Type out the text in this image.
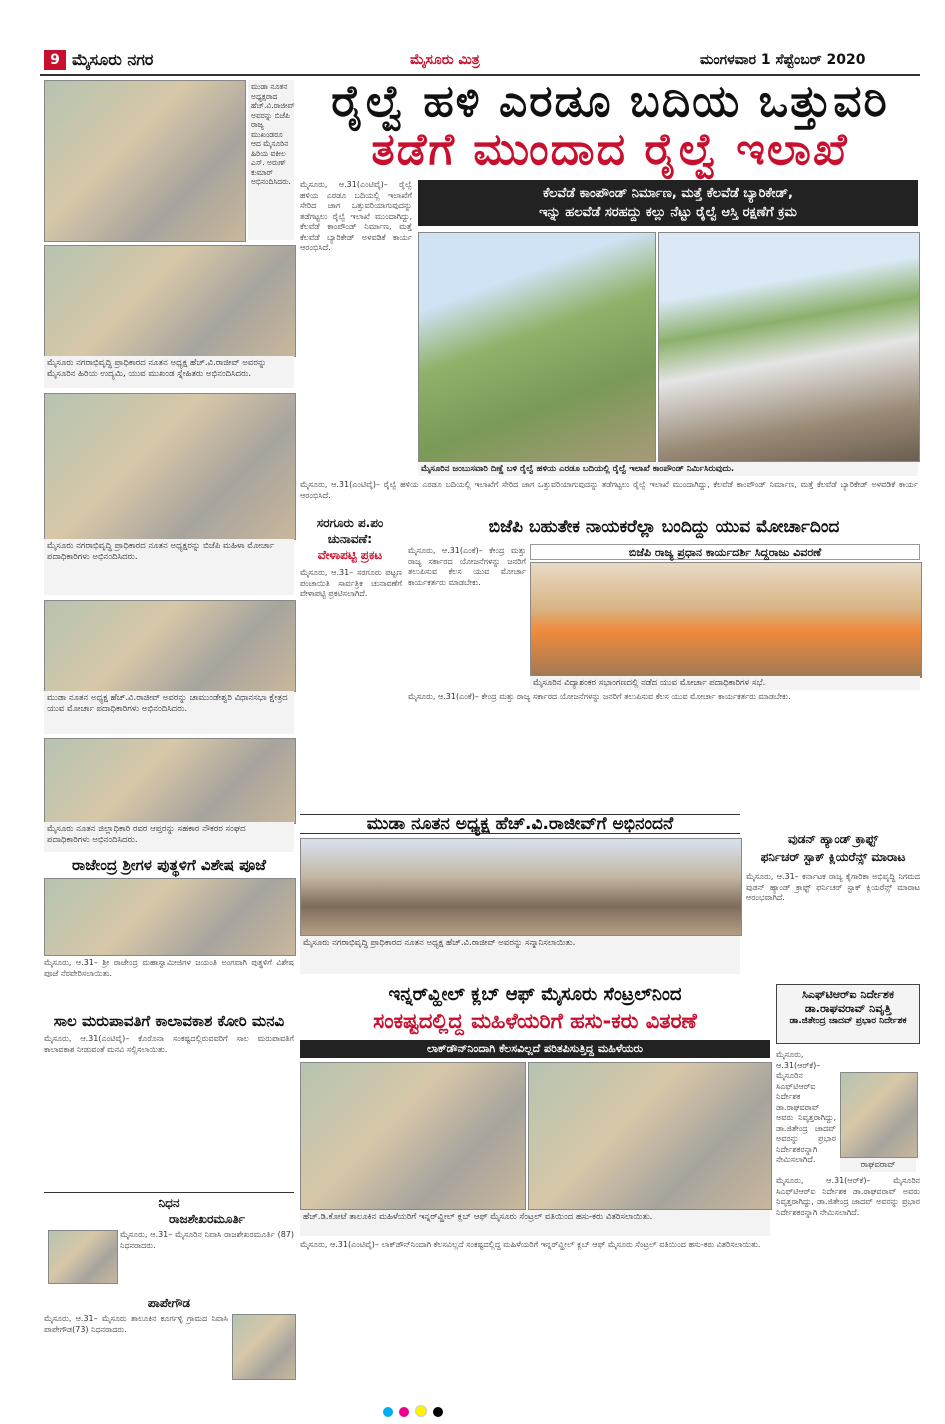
9 ಮೈಸೂರು ನಗರ	ಮೈಸೂರು ಮಿತ್ರ	ಮಂಗಳವಾರ 1 ಸೆಪ್ಟೆಂಬರ್ 2020
ಮುಡಾ ನೂತನ ಅಧ್ಯಕ್ಷರಾದ ಹೆಚ್.ವಿ.ರಾಜೀವ್ ಅವರನ್ನು ಬಿಜೆಪಿ ರಾಜ್ಯ ಮುಖಂಡರೂ ಆದ ಮೈಸೂರಿನ ಹಿರಿಯ ವಕೀಲ ಎಸ್. ಅರುಣ್ ಕುಮಾರ್ ಅಭಿನಂದಿಸಿದರು.
ಮೈಸೂರು ನಗರಾಭಿವೃದ್ಧಿ ಪ್ರಾಧಿಕಾರದ ನೂತನ ಅಧ್ಯಕ್ಷ ಹೆಚ್.ವಿ.ರಾಜೀವ್ ಅವರನ್ನು ಮೈಸೂರಿನ ಹಿರಿಯ ಉದ್ಯಮಿ, ಯುವ ಮುಖಂಡ ಸ್ನೇಹಿತರು ಅಭಿನಂದಿಸಿದರು.
ಮೈಸೂರು ನಗರಾಭಿವೃದ್ಧಿ ಪ್ರಾಧಿಕಾರದ ನೂತನ ಅಧ್ಯಕ್ಷರನ್ನು ಬಿಜೆಪಿ ಮಹಿಳಾ ಮೋರ್ಚಾ ಪದಾಧಿಕಾರಿಗಳು ಅಭಿನಂದಿಸಿದರು.
ಮುಡಾ ನೂತನ ಅಧ್ಯಕ್ಷ ಹೆಚ್.ವಿ.ರಾಜೀವ್ ಅವರನ್ನು ಚಾಮುಂಡೇಶ್ವರಿ ವಿಧಾನಸಭಾ ಕ್ಷೇತ್ರದ ಯುವ ಮೋರ್ಚಾ ಪದಾಧಿಕಾರಿಗಳು ಅಭಿನಂದಿಸಿದರು.
ಮೈಸೂರು ನೂತನ ಜಿಲ್ಲಾಧಿಕಾರಿ ರವರ ಆಪ್ತರನ್ನು ಸಹಕಾರ ನೌಕರರ ಸಂಘದ ಪದಾಧಿಕಾರಿಗಳು ಅಭಿನಂದಿಸಿದರು.
ರಾಜೇಂದ್ರ ಶ್ರೀಗಳ ಪುತ್ಥಳಿಗೆ ವಿಶೇಷ ಪೂಜೆ
ಮೈಸೂರು, ಆ.31– ಶ್ರೀ ರಾಜೇಂದ್ರ ಮಹಾಸ್ವಾಮೀಜಿಗಳ ಜಯಂತಿ ಅಂಗವಾಗಿ ಪುತ್ಥಳಿಗೆ ವಿಶೇಷ ಪೂಜೆ ನೆರವೇರಿಸಲಾಯಿತು.
ಸಾಲ ಮರುಪಾವತಿಗೆ ಕಾಲಾವಕಾಶ ಕೋರಿ ಮನವಿ
ಮೈಸೂರು, ಆ.31(ಎಂಟಿವೈ)– ಕೊರೊನಾ ಸಂಕಷ್ಟದಲ್ಲಿರುವವರಿಗೆ ಸಾಲ ಮರುಪಾವತಿಗೆ ಕಾಲಾವಕಾಶ ನೀಡುವಂತೆ ಮನವಿ ಸಲ್ಲಿಸಲಾಯಿತು.
ನಿಧನ
ರಾಜಶೇಖರಮೂರ್ತಿ
ಮೈಸೂರು, ಆ.31– ಮೈಸೂರಿನ ನಿವಾಸಿ ರಾಜಶೇಖರಮೂರ್ತಿ (87) ನಿಧನರಾದರು.
ಪಾಪೇಗೌಡ
ಮೈಸೂರು, ಆ.31– ಮೈಸೂರು ತಾಲೂಕಿನ ಕೂರ್ಗಳ್ಳಿ ಗ್ರಾಮದ ನಿವಾಸಿ ಪಾಪೇಗೌಡ(73) ನಿಧನರಾದರು.
ರೈಲ್ವೆ ಹಳಿ ಎರಡೂ ಬದಿಯ ಒತ್ತುವರಿ
ತಡೆಗೆ ಮುಂದಾದ ರೈಲ್ವೆ ಇಲಾಖೆ
ಮೈಸೂರು, ಆ.31(ಎಂಟಿವೈ)– ರೈಲ್ವೆ ಹಳಿಯ ಎರಡೂ ಬದಿಯಲ್ಲಿ ಇಲಾಖೆಗೆ ಸೇರಿದ ಜಾಗ ಒತ್ತುವರಿಯಾಗುವುದನ್ನು ತಡೆಗಟ್ಟಲು ರೈಲ್ವೆ ಇಲಾಖೆ ಮುಂದಾಗಿದ್ದು, ಕೆಲವೆಡೆ ಕಾಂಪೌಂಡ್ ನಿರ್ಮಾಣ, ಮತ್ತೆ ಕೆಲವೆಡೆ ಬ್ಯಾರಿಕೇಡ್ ಅಳವಡಿಕೆ ಕಾರ್ಯ ಆರಂಭಿಸಿದೆ.
ಕೆಲವೆಡೆ ಕಾಂಪೌಂಡ್ ನಿರ್ಮಾಣ, ಮತ್ತೆ ಕೆಲವೆಡೆ ಬ್ಯಾರಿಕೇಡ್,
ಇನ್ನು ಹಲವೆಡೆ ಸರಹದ್ದು ಕಲ್ಲು ನೆಟ್ಟು ರೈಲ್ವೆ ಆಸ್ತಿ ರಕ್ಷಣೆಗೆ ಕ್ರಮ
ಮೈಸೂರಿನ ಜಂಬುಸವಾರಿ ದಿಣ್ಣೆ ಬಳಿ ರೈಲ್ವೆ ಹಳಿಯ ಎರಡೂ ಬದಿಯಲ್ಲಿ ರೈಲ್ವೆ ಇಲಾಖೆ ಕಾಂಪೌಂಡ್ ನಿರ್ಮಿಸಿರುವುದು.
ಮೈಸೂರು, ಆ.31(ಎಂಟಿವೈ)– ರೈಲ್ವೆ ಹಳಿಯ ಎರಡೂ ಬದಿಯಲ್ಲಿ ಇಲಾಖೆಗೆ ಸೇರಿದ ಜಾಗ ಒತ್ತುವರಿಯಾಗುವುದನ್ನು ತಡೆಗಟ್ಟಲು ರೈಲ್ವೆ ಇಲಾಖೆ ಮುಂದಾಗಿದ್ದು, ಕೆಲವೆಡೆ ಕಾಂಪೌಂಡ್ ನಿರ್ಮಾಣ, ಮತ್ತೆ ಕೆಲವೆಡೆ ಬ್ಯಾರಿಕೇಡ್ ಅಳವಡಿಕೆ ಕಾರ್ಯ ಆರಂಭಿಸಿದೆ.
ಸರಗೂರು ಪ.ಪಂ
ಚುನಾವಣೆ:
ವೇಳಾಪಟ್ಟಿ ಪ್ರಕಟ
ಮೈಸೂರು, ಆ.31– ಸರಗೂರು ಪಟ್ಟಣ ಪಂಚಾಯಿತಿ ಸಾರ್ವತ್ರಿಕ ಚುನಾವಣೆಗೆ ವೇಳಾಪಟ್ಟಿ ಪ್ರಕಟಿಸಲಾಗಿದೆ.
ಬಿಜೆಪಿ ಬಹುತೇಕ ನಾಯಕರೆಲ್ಲಾ ಬಂದಿದ್ದು ಯುವ ಮೋರ್ಚಾದಿಂದ
ಬಿಜೆಪಿ ರಾಜ್ಯ ಪ್ರಧಾನ ಕಾರ್ಯದರ್ಶಿ ಸಿದ್ದರಾಜು ವಿವರಣೆ
ಮೈಸೂರು, ಆ.31(ಎಂಕೆ)– ಕೇಂದ್ರ ಮತ್ತು ರಾಜ್ಯ ಸರ್ಕಾರದ ಯೋಜನೆಗಳನ್ನು ಜನರಿಗೆ ತಲುಪಿಸುವ ಕೆಲಸ ಯುವ ಮೋರ್ಚಾ ಕಾರ್ಯಕರ್ತರು ಮಾಡಬೇಕು.
ಮೈಸೂರಿನ ವಿದ್ಯಾಶಂಕರ ಸಭಾಂಗಣದಲ್ಲಿ ನಡೆದ ಯುವ ಮೋರ್ಚಾ ಪದಾಧಿಕಾರಿಗಳ ಸಭೆ.
ಮೈಸೂರು, ಆ.31(ಎಂಕೆ)– ಕೇಂದ್ರ ಮತ್ತು ರಾಜ್ಯ ಸರ್ಕಾರದ ಯೋಜನೆಗಳನ್ನು ಜನರಿಗೆ ತಲುಪಿಸುವ ಕೆಲಸ ಯುವ ಮೋರ್ಚಾ ಕಾರ್ಯಕರ್ತರು ಮಾಡಬೇಕು.
ಮುಡಾ ನೂತನ ಅಧ್ಯಕ್ಷ ಹೆಚ್.ವಿ.ರಾಜೀವ್‌ಗೆ ಅಭಿನಂದನೆ
ಮೈಸೂರು ನಗರಾಭಿವೃದ್ಧಿ ಪ್ರಾಧಿಕಾರದ ನೂತನ ಅಧ್ಯಕ್ಷ ಹೆಚ್.ವಿ.ರಾಜೀವ್ ಅವರನ್ನು ಸನ್ಮಾನಿಸಲಾಯಿತು.
ವುಡನ್ ಹ್ಯಾಂಡ್ ಕ್ರಾಫ್ಟ್
ಫರ್ನಿಚರ್ ಸ್ಟಾಕ್ ಕ್ಲಿಯರೆನ್ಸ್ ಮಾರಾಟ
ಮೈಸೂರು, ಆ.31– ಕರ್ನಾಟಕ ರಾಜ್ಯ ಕೈಗಾರಿಕಾ ಅಭಿವೃದ್ಧಿ ನಿಗಮದ ವುಡನ್ ಹ್ಯಾಂಡ್ ಕ್ರಾಫ್ಟ್ ಫರ್ನಿಚರ್ ಸ್ಟಾಕ್ ಕ್ಲಿಯರೆನ್ಸ್ ಮಾರಾಟ ಆರಂಭವಾಗಿದೆ.
ಇನ್ನರ್‌ವ್ಹೀಲ್ ಕ್ಲಬ್ ಆಫ್ ಮೈಸೂರು ಸೆಂಟ್ರಲ್‌ನಿಂದ
ಸಂಕಷ್ಟದಲ್ಲಿದ್ದ ಮಹಿಳೆಯರಿಗೆ ಹಸು-ಕರು ವಿತರಣೆ
ಲಾಕ್‌ಡೌನ್‌ನಿಂದಾಗಿ ಕೆಲಸವಿಲ್ಲದೆ ಪರಿತಪಿಸುತ್ತಿದ್ದ ಮಹಿಳೆಯರು
ಹೆಚ್.ಡಿ.ಕೋಟೆ ತಾಲೂಕಿನ ಮಹಿಳೆಯರಿಗೆ ಇನ್ನರ್‌ವ್ಹೀಲ್ ಕ್ಲಬ್ ಆಫ್ ಮೈಸೂರು ಸೆಂಟ್ರಲ್ ವತಿಯಿಂದ ಹಸು-ಕರು ವಿತರಿಸಲಾಯಿತು.
ಮೈಸೂರು, ಆ.31(ಎಂಟಿವೈ)– ಲಾಕ್‌ಡೌನ್‌ನಿಂದಾಗಿ ಕೆಲಸವಿಲ್ಲದೆ ಸಂಕಷ್ಟದಲ್ಲಿದ್ದ ಮಹಿಳೆಯರಿಗೆ ಇನ್ನರ್‌ವ್ಹೀಲ್ ಕ್ಲಬ್ ಆಫ್ ಮೈಸೂರು ಸೆಂಟ್ರಲ್ ವತಿಯಿಂದ ಹಸು-ಕರು ವಿತರಿಸಲಾಯಿತು.
ಸಿಎಫ್‌ಟಿಆರ್‌ಐ ನಿರ್ದೇಶಕ
ಡಾ.ರಾಘವರಾವ್ ನಿವೃತ್ತಿ
ಡಾ.ಜಿತೇಂದ್ರ ಜಾದವ್ ಪ್ರಭಾರ ನಿರ್ದೇಶಕ
ರಾಘವರಾವ್
ಮೈಸೂರು, ಆ.31(ಆರ್‌ಕೆ)– ಮೈಸೂರಿನ ಸಿಎಫ್‌ಟಿಆರ್‌ಐ ನಿರ್ದೇಶಕ ಡಾ.ರಾಘವರಾವ್ ಅವರು ನಿವೃತ್ತರಾಗಿದ್ದು, ಡಾ.ಜಿತೇಂದ್ರ ಜಾದವ್ ಅವರನ್ನು ಪ್ರಭಾರ ನಿರ್ದೇಶಕರನ್ನಾಗಿ ನೇಮಿಸಲಾಗಿದೆ.
ಮೈಸೂರು, ಆ.31(ಆರ್‌ಕೆ)– ಮೈಸೂರಿನ ಸಿಎಫ್‌ಟಿಆರ್‌ಐ ನಿರ್ದೇಶಕ ಡಾ.ರಾಘವರಾವ್ ಅವರು ನಿವೃತ್ತರಾಗಿದ್ದು, ಡಾ.ಜಿತೇಂದ್ರ ಜಾದವ್ ಅವರನ್ನು ಪ್ರಭಾರ ನಿರ್ದೇಶಕರನ್ನಾಗಿ ನೇಮಿಸಲಾಗಿದೆ.
